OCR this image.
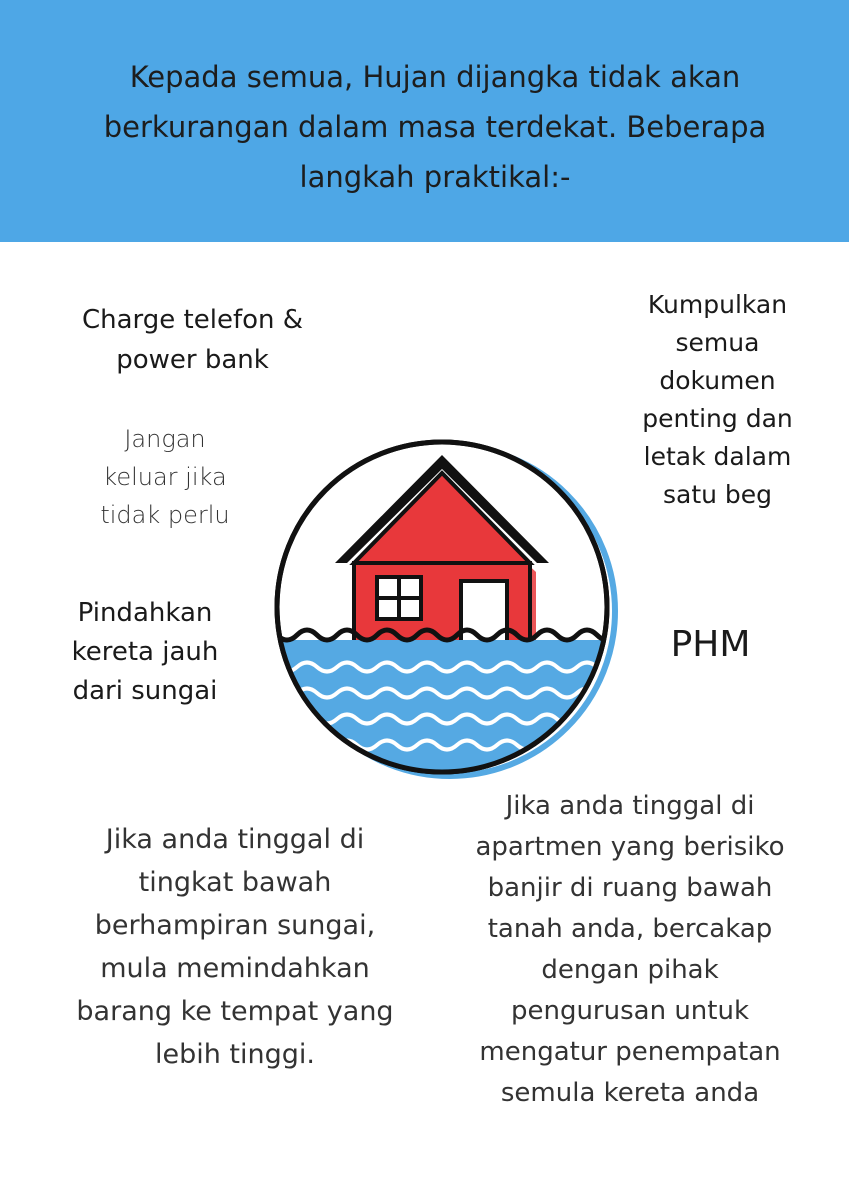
Kepada semua, Hujan dijangka tidak akan
berkurangan dalam masa terdekat. Beberapa
langkah praktikal:-
Charge telefon &
power bank
Jangan
keluar jika
tidak perlu
Pindahkan
kereta jauh
dari sungai
Kumpulkan
semua
dokumen
penting dan
letak dalam
satu beg
PHM
Jika anda tinggal di
tingkat bawah
berhampiran sungai,
mula memindahkan
barang ke tempat yang
lebih tinggi.
Jika anda tinggal di
apartmen yang berisiko
banjir di ruang bawah
tanah anda, bercakap
dengan pihak
pengurusan untuk
mengatur penempatan
semula kereta anda
